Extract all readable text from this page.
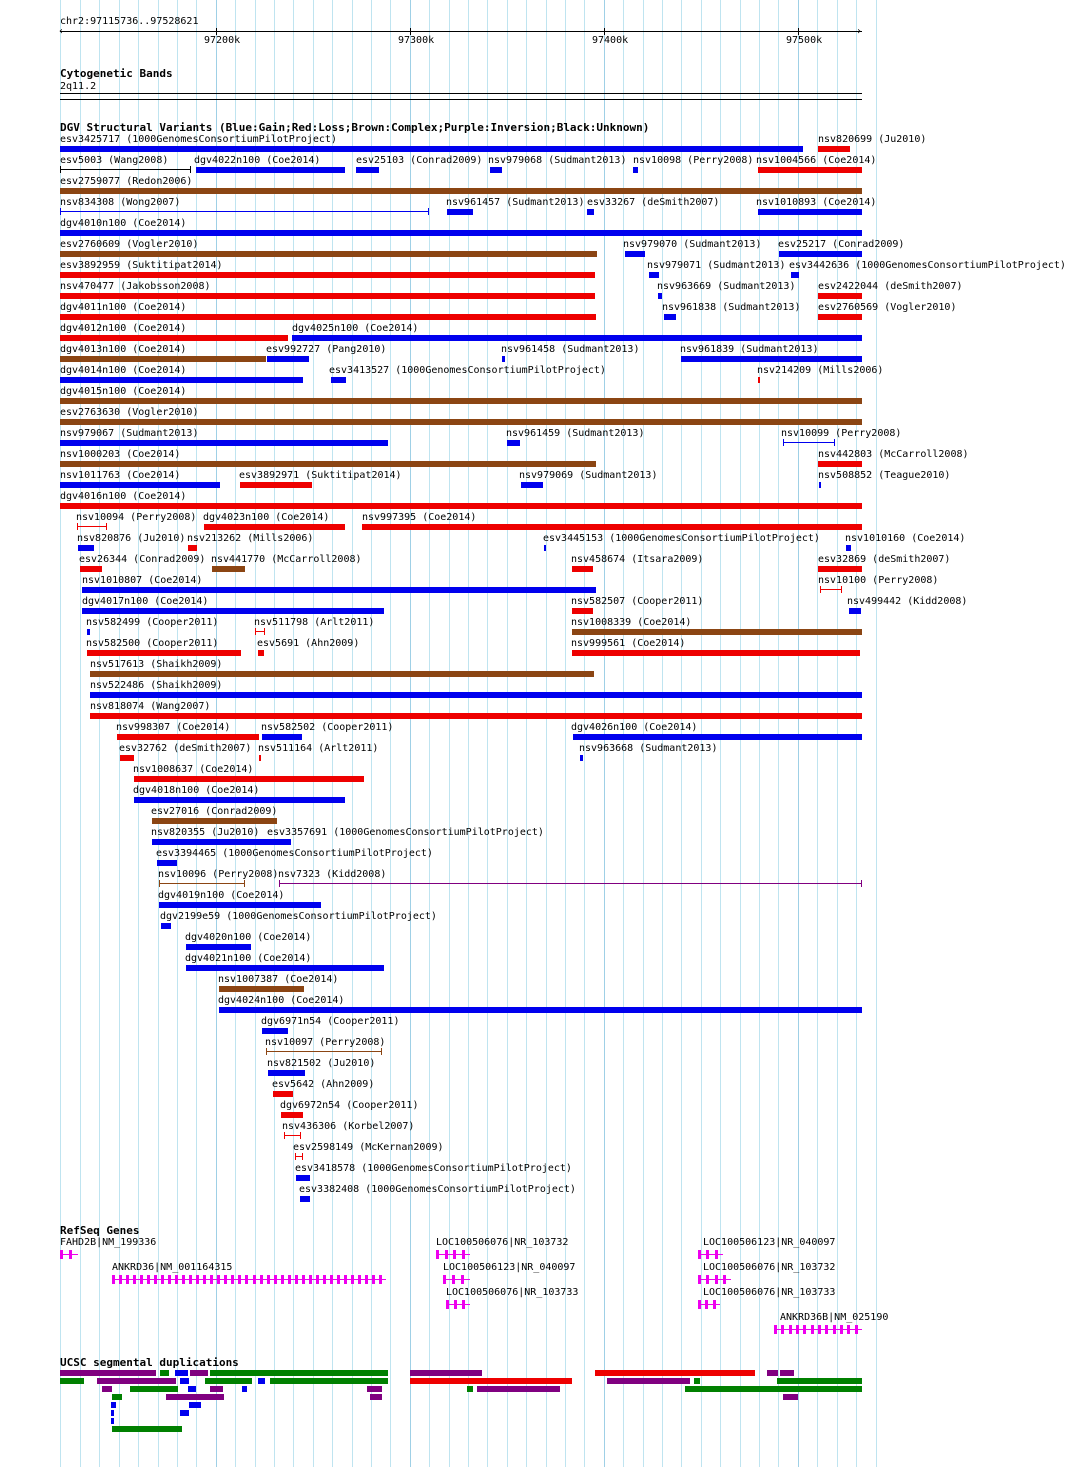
chr2:97115736..97528621
‹	›
97200k	97300k	97400k	97500k
Cytogenetic Bands
2q11.2
DGV Structural Variants (Blue:Gain;Red:Loss;Brown:Complex;Purple:Inversion;Black:Unknown)
esv3425717 (1000GenomesConsortiumPilotProject)	nsv820699 (Ju2010)
esv5003 (Wang2008)	dgv4022n100 (Coe2014)	esv25103 (Conrad2009) nsv979068 (Sudmant2013) nsv10098 (Perry2008) nsv1004566 (Coe2014)
esv2759077 (Redon2006)
nsv834308 (Wong2007)	nsv961457 (Sudmant2013) esv33267 (deSmith2007)	nsv1010893 (Coe2014)
dgv4010n100 (Coe2014)
esv2760609 (Vogler2010)	nsv979070 (Sudmant2013) esv25217 (Conrad2009)
esv3892959 (Suktitipat2014)	nsv979071 (Sudmant2013) esv3442636 (1000GenomesConsortiumPilotProject)
nsv470477 (Jakobsson2008)	nsv963669 (Sudmant2013) esv2422044 (deSmith2007)
dgv4011n100 (Coe2014)	nsv961838 (Sudmant2013) esv2760569 (Vogler2010)
dgv4012n100 (Coe2014)	dgv4025n100 (Coe2014)
dgv4013n100 (Coe2014)	esv992727 (Pang2010)	nsv961458 (Sudmant2013)	nsv961839 (Sudmant2013)
dgv4014n100 (Coe2014)	esv3413527 (1000GenomesConsortiumPilotProject)	nsv214209 (Mills2006)
dgv4015n100 (Coe2014)
esv2763630 (Vogler2010)
nsv979067 (Sudmant2013)	nsv961459 (Sudmant2013)	nsv10099 (Perry2008)
nsv1000203 (Coe2014)	nsv442803 (McCarroll2008)
nsv1011763 (Coe2014)	esv3892971 (Suktitipat2014)	nsv979069 (Sudmant2013)	nsv508852 (Teague2010)
dgv4016n100 (Coe2014)
nsv10094 (Perry2008) dgv4023n100 (Coe2014)	nsv997395 (Coe2014)
nsv820876 (Ju2010) nsv213262 (Mills2006)	esv3445153 (1000GenomesConsortiumPilotProject)	nsv1010160 (Coe2014)
esv26344 (Conrad2009) nsv441770 (McCarroll2008)	nsv458674 (Itsara2009)	esv32869 (deSmith2007)
nsv1010807 (Coe2014)	nsv10100 (Perry2008)
dgv4017n100 (Coe2014)	nsv582507 (Cooper2011)	nsv499442 (Kidd2008)
nsv582499 (Cooper2011)	nsv511798 (Arlt2011)	nsv1008339 (Coe2014)
nsv582500 (Cooper2011)	esv5691 (Ahn2009)	nsv999561 (Coe2014)
nsv517613 (Shaikh2009)
nsv522486 (Shaikh2009)
nsv818074 (Wang2007)
nsv998307 (Coe2014)	nsv582502 (Cooper2011)	dgv4026n100 (Coe2014)
esv32762 (deSmith2007) nsv511164 (Arlt2011)	nsv963668 (Sudmant2013)
nsv1008637 (Coe2014)
dgv4018n100 (Coe2014)
esv27016 (Conrad2009)
nsv820355 (Ju2010) esv3357691 (1000GenomesConsortiumPilotProject)
esv3394465 (1000GenomesConsortiumPilotProject)
nsv10096 (Perry2008) nsv7323 (Kidd2008)
dgv4019n100 (Coe2014)
dgv2199e59 (1000GenomesConsortiumPilotProject)
dgv4020n100 (Coe2014)
dgv4021n100 (Coe2014)
nsv1007387 (Coe2014)
dgv4024n100 (Coe2014)
dgv6971n54 (Cooper2011)
nsv10097 (Perry2008)
nsv821502 (Ju2010)
esv5642 (Ahn2009)
dgv6972n54 (Cooper2011)
nsv436306 (Korbel2007)
esv2598149 (McKernan2009)
esv3418578 (1000GenomesConsortiumPilotProject)
esv3382408 (1000GenomesConsortiumPilotProject)
RefSeq Genes
FAHD2B|NM_199336
ANKRD36|NM_001164315
LOC100506076|NR_103732
LOC100506123|NR_040097
LOC100506076|NR_103733
LOC100506123|NR_040097
LOC100506076|NR_103732
LOC100506076|NR_103733
ANKRD36B|NM_025190
UCSC segmental duplications
